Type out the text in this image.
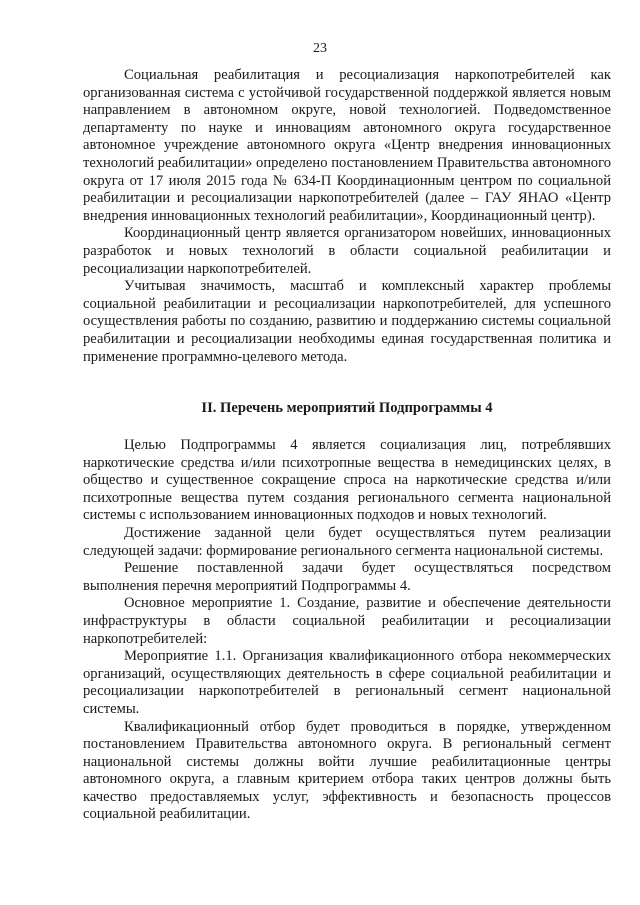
23

Социальная реабилитация и ресоциализация наркопотребителей как организованная система с устойчивой государственной поддержкой является новым направлением в автономном округе, новой технологией. Подведомственное департаменту по науке и инновациям автономного округа государственное автономное учреждение автономного округа «Центр внедрения инновационных технологий реабилитации» определено постановлением Правительства автономного округа от 17 июля 2015 года № 634-П Координационным центром по социальной реабилитации и ресоциализации наркопотребителей (далее – ГАУ ЯНАО «Центр внедрения инновационных технологий реабилитации», Координационный центр).

Координационный центр является организатором новейших, инновационных разработок и новых технологий в области социальной реабилитации и ресоциализации наркопотребителей.

Учитывая значимость, масштаб и комплексный характер проблемы социальной реабилитации и ресоциализации наркопотребителей, для успешного осуществления работы по созданию, развитию и поддержанию системы социальной реабилитации и ресоциализации необходимы единая государственная политика и применение программно-целевого метода.

II. Перечень мероприятий Подпрограммы 4

Целью Подпрограммы 4 является социализация лиц, потреблявших наркотические средства и/или психотропные вещества в немедицинских целях, в общество и существенное сокращение спроса на наркотические средства и/или психотропные вещества путем создания регионального сегмента национальной системы с использованием инновационных подходов и новых технологий.

Достижение заданной цели будет осуществляться путем реализации следующей задачи: формирование регионального сегмента национальной системы.

Решение поставленной задачи будет осуществляться посредством выполнения перечня мероприятий Подпрограммы 4.

Основное мероприятие 1. Создание, развитие и обеспечение деятельности инфраструктуры в области социальной реабилитации и ресоциализации наркопотребителей:

Мероприятие 1.1. Организация квалификационного отбора некоммерческих организаций, осуществляющих деятельность в сфере социальной реабилитации и ресоциализации наркопотребителей в региональный сегмент национальной системы.

Квалификационный отбор будет проводиться в порядке, утвержденном постановлением Правительства автономного округа. В региональный сегмент национальной системы должны войти лучшие реабилитационные центры автономного округа, а главным критерием отбора таких центров должны быть качество предоставляемых услуг, эффективность и безопасность процессов социальной реабилитации.
